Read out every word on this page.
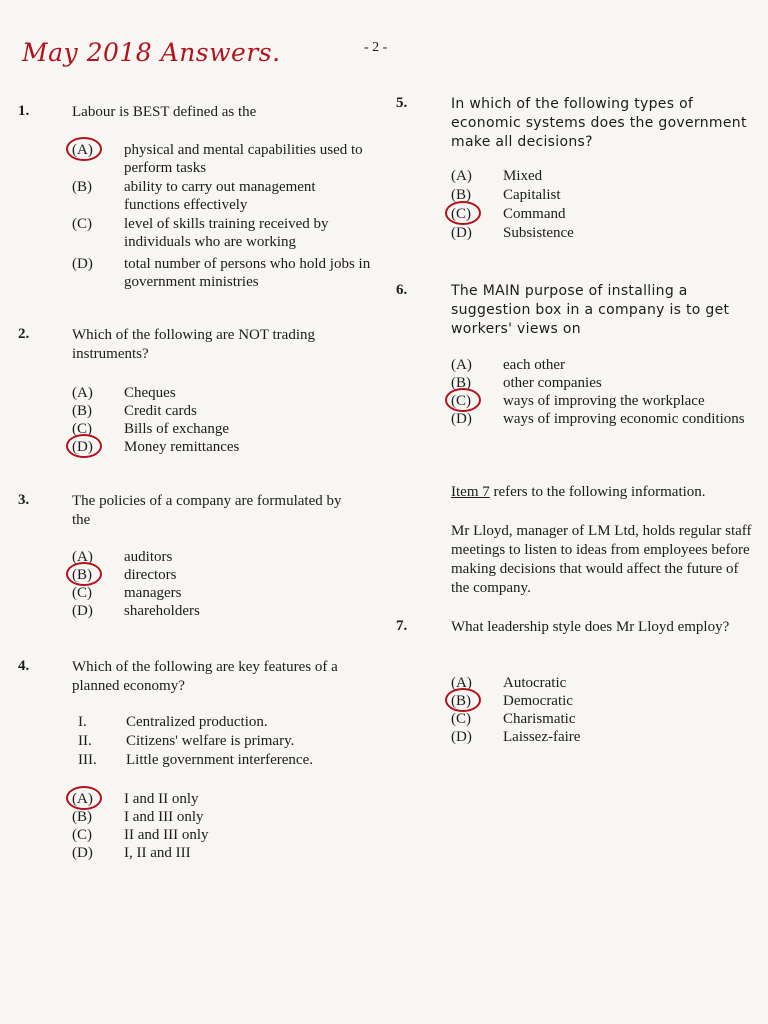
May 2018 Answers.	- 2 -
1.	Labour is BEST defined as the
(A) physical and mental capabilities used to perform tasks
(B) ability to carry out management functions effectively
(C) level of skills training received by individuals who are working
(D) total number of persons who hold jobs in government ministries
2.	Which of the following are NOT trading instruments?
(A) Cheques
(B) Credit cards
(C) Bills of exchange
(D) Money remittances
3.	The policies of a company are formulated by the
(A) auditors
(B) directors
(C) managers
(D) shareholders
4.	Which of the following are key features of a planned economy?
I.	Centralized production.
II. Citizens' welfare is primary.
III. Little government interference.
(A) I and II only
(B) I and III only
(C) II and III only
(D) I, II and III
5.	In which of the following types of economic systems does the government make all decisions?
(A) Mixed
(B) Capitalist
(C) Command
(D) Subsistence
6.	The MAIN purpose of installing a suggestion box in a company is to get workers' views on
(A) each other
(B) other companies
(C) ways of improving the workplace
(D) ways of improving economic conditions
Item 7 refers to the following information.
Mr Lloyd, manager of LM Ltd, holds regular staff meetings to listen to ideas from employees before making decisions that would affect the future of the company.
7.	What leadership style does Mr Lloyd employ?
(A) Autocratic
(B) Democratic
(C) Charismatic
(D) Laissez-faire
